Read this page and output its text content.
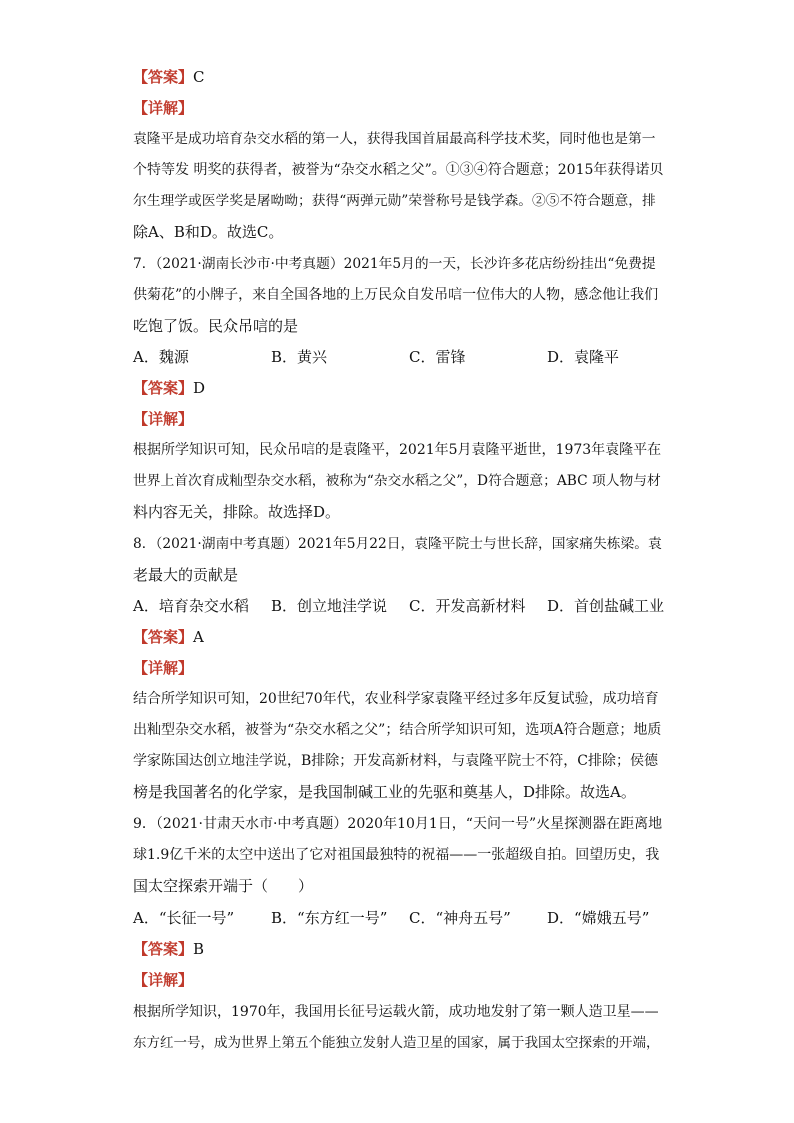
【答案】C
【详解】
袁隆平是成功培育杂交水稻的第一人，获得我国首届最高科学技术奖，同时他也是第一
个特等发 明奖的获得者，被誉为“杂交水稻之父”。①③④符合题意；2015年获得诺贝
尔生理学或医学奖是屠呦呦；获得“两弹元勋”荣誉称号是钱学森。②⑤不符合题意，排
除A、B和D。故选C。
7．（2021·湖南长沙市·中考真题）2021年5月的一天，长沙许多花店纷纷挂出“免费提
供菊花”的小牌子，来自全国各地的上万民众自发吊唁一位伟大的人物，感念他让我们
吃饱了饭。民众吊唁的是
A．魏源	B．黄兴	C．雷锋	D．袁隆平
【答案】D
【详解】
根据所学知识可知，民众吊唁的是袁隆平，2021年5月袁隆平逝世，1973年袁隆平在
世界上首次育成籼型杂交水稻，被称为“杂交水稻之父”，D符合题意；ABC 项人物与材
料内容无关，排除。故选择D。
8．（2021·湖南中考真题）2021年5月22日，袁隆平院士与世长辞，国家痛失栋梁。袁
老最大的贡献是
A．培育杂交水稻 B．创立地洼学说 C．开发高新材料 D．首创盐碱工业
【答案】A
【详解】
结合所学知识可知，20世纪70年代，农业科学家袁隆平经过多年反复试验，成功培育
出籼型杂交水稻，被誉为“杂交水稻之父”；结合所学知识可知，选项A符合题意；地质
学家陈国达创立地洼学说，B排除；开发高新材料，与袁隆平院士不符，C排除；侯德
榜是我国著名的化学家，是我国制碱工业的先驱和奠基人，D排除。故选A。
9．（2021·甘肃天水市·中考真题）2020年10月1日，“天问一号”火星探测器在距离地
球1.9亿千米的太空中送出了它对祖国最独特的祝福——一张超级自拍。回望历史，我
国太空探索开端于（　　）
A．“长征一号” B．“东方红一号” C．“神舟五号” D．“嫦娥五号”
【答案】B
【详解】
根据所学知识，1970年，我国用长征号运载火箭，成功地发射了第一颗人造卫星——
东方红一号，成为世界上第五个能独立发射人造卫星的国家，属于我国太空探索的开端，
